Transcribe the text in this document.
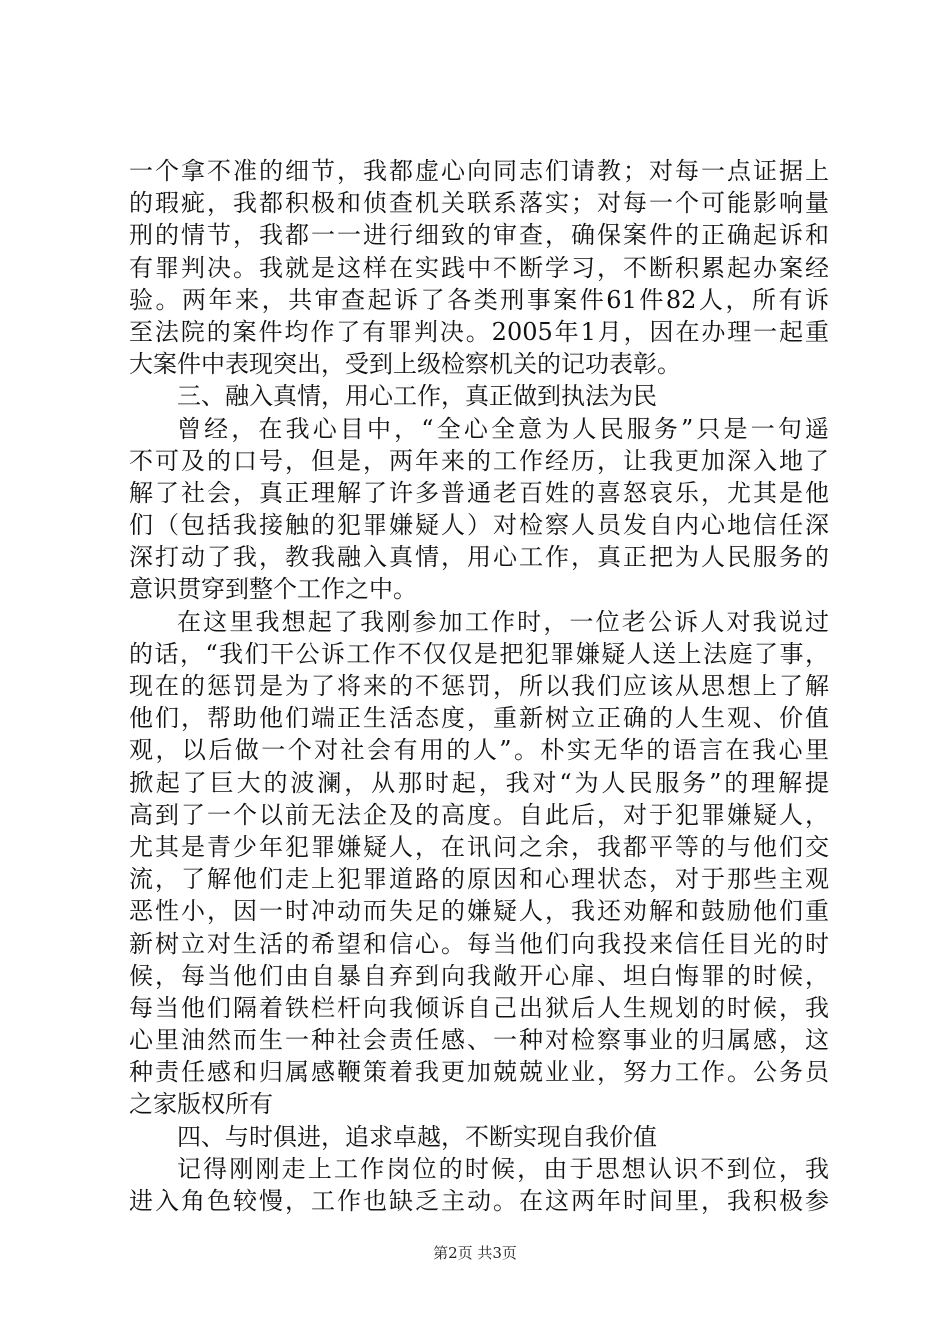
一个拿不准的细节，我都虚心向同志们请教；对每一点证据上
的瑕疵，我都积极和侦查机关联系落实；对每一个可能影响量
刑的情节，我都一一进行细致的审查，确保案件的正确起诉和
有罪判决。我就是这样在实践中不断学习，不断积累起办案经
验。两年来，共审查起诉了各类刑事案件61件82人，所有诉
至法院的案件均作了有罪判决。2005年1月，因在办理一起重
大案件中表现突出，受到上级检察机关的记功表彰。
三、融入真情，用心工作，真正做到执法为民
曾经，在我心目中，“全心全意为人民服务”只是一句遥
不可及的口号，但是，两年来的工作经历，让我更加深入地了
解了社会，真正理解了许多普通老百姓的喜怒哀乐，尤其是他
们（包括我接触的犯罪嫌疑人）对检察人员发自内心地信任深
深打动了我，教我融入真情，用心工作，真正把为人民服务的
意识贯穿到整个工作之中。
在这里我想起了我刚参加工作时，一位老公诉人对我说过
的话，“我们干公诉工作不仅仅是把犯罪嫌疑人送上法庭了事，
现在的惩罚是为了将来的不惩罚，所以我们应该从思想上了解
他们，帮助他们端正生活态度，重新树立正确的人生观、价值
观，以后做一个对社会有用的人”。朴实无华的语言在我心里
掀起了巨大的波澜，从那时起，我对“为人民服务”的理解提
高到了一个以前无法企及的高度。自此后，对于犯罪嫌疑人，
尤其是青少年犯罪嫌疑人，在讯问之余，我都平等的与他们交
流，了解他们走上犯罪道路的原因和心理状态，对于那些主观
恶性小，因一时冲动而失足的嫌疑人，我还劝解和鼓励他们重
新树立对生活的希望和信心。每当他们向我投来信任目光的时
候，每当他们由自暴自弃到向我敞开心扉、坦白悔罪的时候，
每当他们隔着铁栏杆向我倾诉自己出狱后人生规划的时候，我
心里油然而生一种社会责任感、一种对检察事业的归属感，这
种责任感和归属感鞭策着我更加兢兢业业，努力工作。公务员
之家版权所有
四、与时俱进，追求卓越，不断实现自我价值
记得刚刚走上工作岗位的时候，由于思想认识不到位，我
进入角色较慢，工作也缺乏主动。在这两年时间里，我积极参
第2页 共3页
